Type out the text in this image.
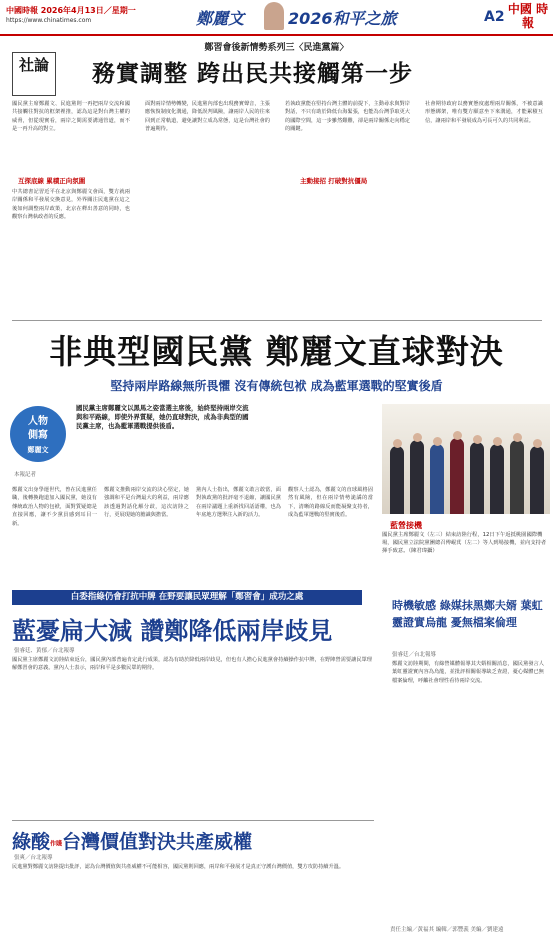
中國時報 2026年4月13日／星期一
https://www.chinatimes.com	鄭麗文	2026和平之旅	A2 中國 時報
鄭習會後新情勢系列三〈民進黨篇〉
社論	務實調整 跨出民共接觸第一步
國民黨主席鄭麗文、民進黨則一再把兩岸交流和國共接觸往對抗的框架裡推，認為這是對台灣主權的威脅，但從現實看，兩岸之間需要溝通管道，而不是一再升高的對立。
互探底線 累積正向氛圍
中共總書記習近平在北京與鄭麗文會面，雙方就兩岸關係和平發展交換意見，外界關注民進黨在這之後如何調整兩岸政策，北京在釋出善意的同時，也觀察台灣執政者的反應。
面對兩岸情勢轉變，民進黨內部也出現務實聲音，主張應恢復制度化溝通，降低誤判風險，讓兩岸人民的往來回到正常軌道，避免讓對立成為常態，這是台灣社會的普遍期待。
主動接招 打破對抗僵局
若執政黨能在堅持台灣主體的前提下，主動尋求與對岸對話，不只有助於降低台海緊張，也能為台灣爭取更大的國際空間，這一步雖然艱難，卻是兩岸關係走向穩定的關鍵。
社會期待政府以務實態度處理兩岸關係，不被意識形態綁架，唯有雙方願意坐下來溝通，才能累積互信，讓兩岸和平發展成為可長可久的共同利益。
非典型國民黨 鄭麗文直球對決
堅持兩岸路線無所畏懼 沒有傳統包袱 成為藍軍選戰的堅實後盾
人物
側寫
鄭麗文
國民黨主席鄭麗文以黑馬之姿當選主席後，始終堅持兩岸交流與和平路線，即使外界質疑，她仍直球對決，成為非典型的國民黨主席，也為藍軍選戰提供後盾。
本報記者
鄭麗文出身學運世代，曾在民進黨任職，後轉換跑道加入國民黨，她沒有傳統政治人物的包袱，面對質疑總是直接回應，讓不少黨員感到耳目一新。
鄭麗文推動兩岸交流的決心堅定，她強調和平是台灣最大的利益，兩岸應該透過對話化解分歧，這次訪陸之行，更展現她的膽識與擔當。
黨內人士指出，鄭麗文敢言敢當，面對執政黨的批評毫不退縮，讓國民黨在兩岸議題上重新找回話語權，也為年底地方選舉注入新的活力。
觀察人士認為，鄭麗文的直球風格固然有風險，但在兩岸情勢詭譎的當下，清晰的路線反而能凝聚支持者，成為藍軍選戰的堅實後盾。
藍營接機
國民黨主席鄭麗文（左三）結束訪陸行程，12日下午返抵桃園國際機場，國民黨立法院黨團總召傅崐萁（左二）等人到場接機，並向支持者揮手致意。（陳君瑋攝）
白委指綠仍會打抗中牌 在野要讓民眾理解「鄭習會」成功之處
藍憂扁大減 讚鄭降低兩岸歧見
張睿廷、黃郁／台北報導
國民黨主席鄭麗文訪陸結束返台，國民黨內部普遍肯定此行成果，認為有助於降低兩岸歧見，但也有人擔心民進黨會持續操作抗中牌，在野陣營需要讓民眾理解鄭習會的意義。黨內人士表示，兩岸和平是多數民眾的期待。
時機敏感 綠媒抹黑鄭夫婿 葉虹靈證實烏龍 憂無檔案倫理
張睿廷／台北報導
鄭麗文訪陸期間，有綠營媒體報導其夫婿相關消息，國民黨發言人葉虹靈證實內容為烏龍，並批評相關報導缺乏查證，憂心媒體已無檔案倫理，呼籲社會理性看待兩岸交流。
綠酸作賤台灣價值對決共產威權
張爽／台北報導
民進黨對鄭麗文訪陸提出批評，認為台灣價值與共產威權不可能相容，國民黨則回應，兩岸和平發展才是真正守護台灣價值，雙方攻防持續升溫。
責任主編／黃福其 編輯／郭豐義 美編／劉建遠
